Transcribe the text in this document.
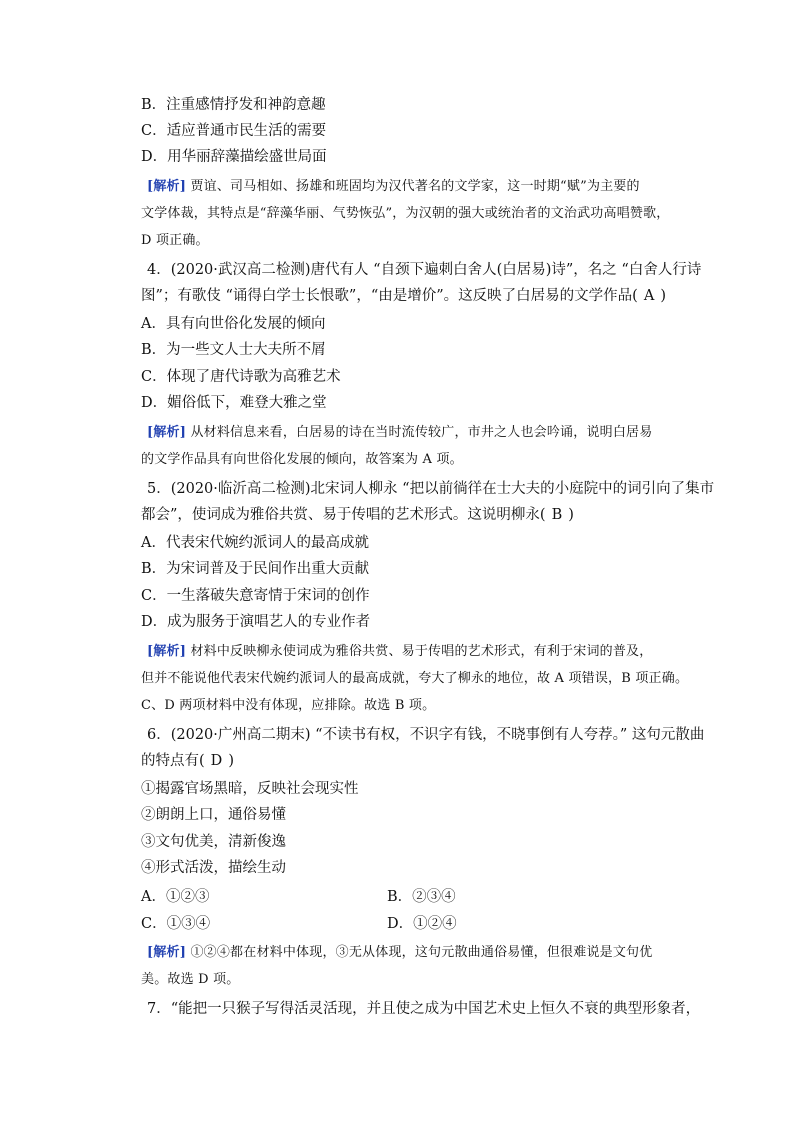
B．注重感情抒发和神韵意趣
C．适应普通市民生活的需要
D．用华丽辞藻描绘盛世局面
[解析] 贾谊、司马相如、扬雄和班固均为汉代著名的文学家，这一时期“赋”为主要的
文学体裁，其特点是“辞藻华丽、气势恢弘”，为汉朝的强大或统治者的文治武功高唱赞歌，
D 项正确。
4．(2020·武汉高二检测)唐代有人 “自颈下遍刺白舍人(白居易)诗”，名之 “白舍人行诗
图”；有歌伎 “诵得白学士长恨歌”，“由是增价”。这反映了白居易的文学作品( A )
A．具有向世俗化发展的倾向
B．为一些文人士大夫所不屑
C．体现了唐代诗歌为高雅艺术
D．媚俗低下，难登大雅之堂
[解析] 从材料信息来看，白居易的诗在当时流传较广，市井之人也会吟诵，说明白居易
的文学作品具有向世俗化发展的倾向，故答案为 A 项。
5．(2020·临沂高二检测)北宋词人柳永 “把以前徜徉在士大夫的小庭院中的词引向了集市
都会”，使词成为雅俗共赏、易于传唱的艺术形式。这说明柳永( B )
A．代表宋代婉约派词人的最高成就
B．为宋词普及于民间作出重大贡献
C．一生落破失意寄情于宋词的创作
D．成为服务于演唱艺人的专业作者
[解析] 材料中反映柳永使词成为雅俗共赏、易于传唱的艺术形式，有利于宋词的普及，
但并不能说他代表宋代婉约派词人的最高成就，夸大了柳永的地位，故 A 项错误，B 项正确。
C、D 两项材料中没有体现，应排除。故选 B 项。
6．(2020·广州高二期末) “不读书有权，不识字有钱，不晓事倒有人夸荐。” 这句元散曲
的特点有( D )
①揭露官场黑暗，反映社会现实性
②朗朗上口，通俗易懂
③文句优美，清新俊逸
④形式活泼，描绘生动
A．①②③	B．②③④
C．①③④	D．①②④
[解析] ①②④都在材料中体现，③无从体现，这句元散曲通俗易懂，但很难说是文句优
美。故选 D 项。
7．“能把一只猴子写得活灵活现，并且使之成为中国艺术史上恒久不衰的典型形象者，
